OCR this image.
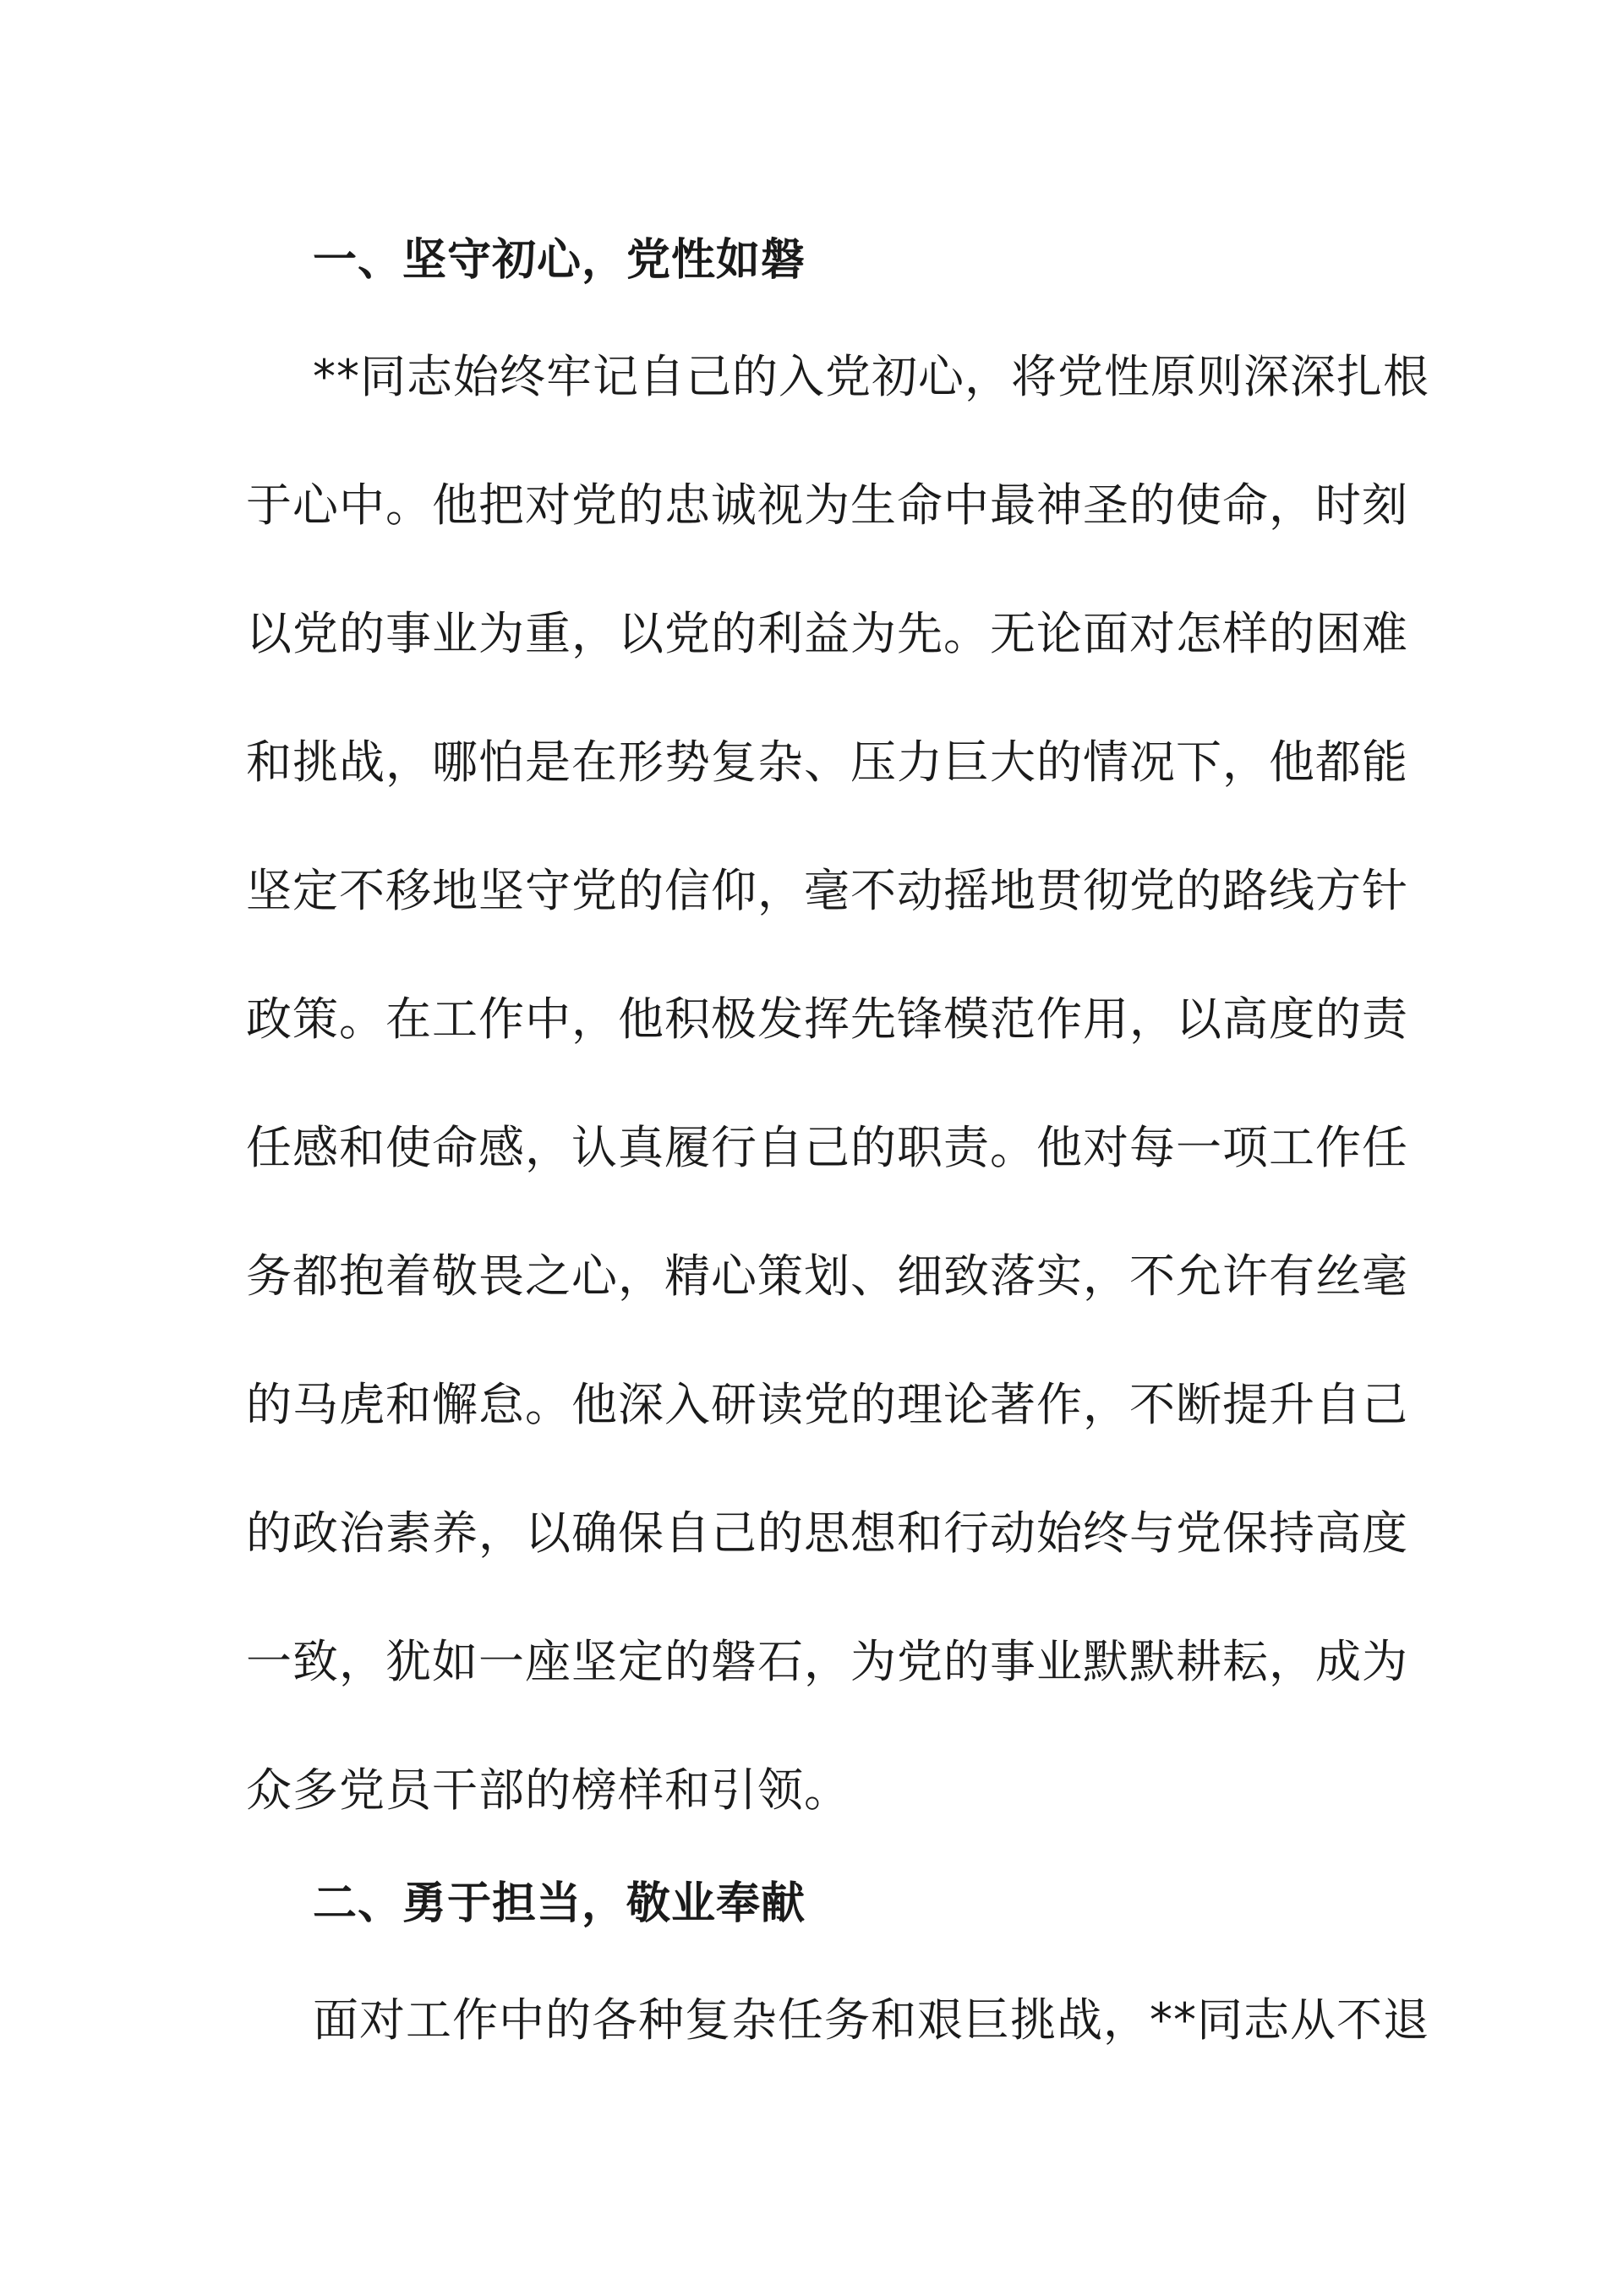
一、坚守初心，党性如磐
**同志始终牢记自己的入党初心，将党性原则深深扎根
于心中。他把对党的忠诚视为生命中最神圣的使命，时刻
以党的事业为重，以党的利益为先。无论面对怎样的困难
和挑战，哪怕是在形势复杂、压力巨大的情况下，他都能
坚定不移地坚守党的信仰，毫不动摇地贯彻党的路线方针
政策。在工作中，他积极发挥先锋模范作用，以高度的责
任感和使命感，认真履行自己的职责。他对每一项工作任
务都抱着敬畏之心，精心策划、细致落实，不允许有丝毫
的马虎和懈怠。他深入研读党的理论著作，不断提升自己
的政治素养，以确保自己的思想和行动始终与党保持高度
一致，犹如一座坚定的磐石，为党的事业默默耕耘，成为
众多党员干部的榜样和引领。
二、勇于担当，敬业奉献
面对工作中的各种复杂任务和艰巨挑战，**同志从不退
